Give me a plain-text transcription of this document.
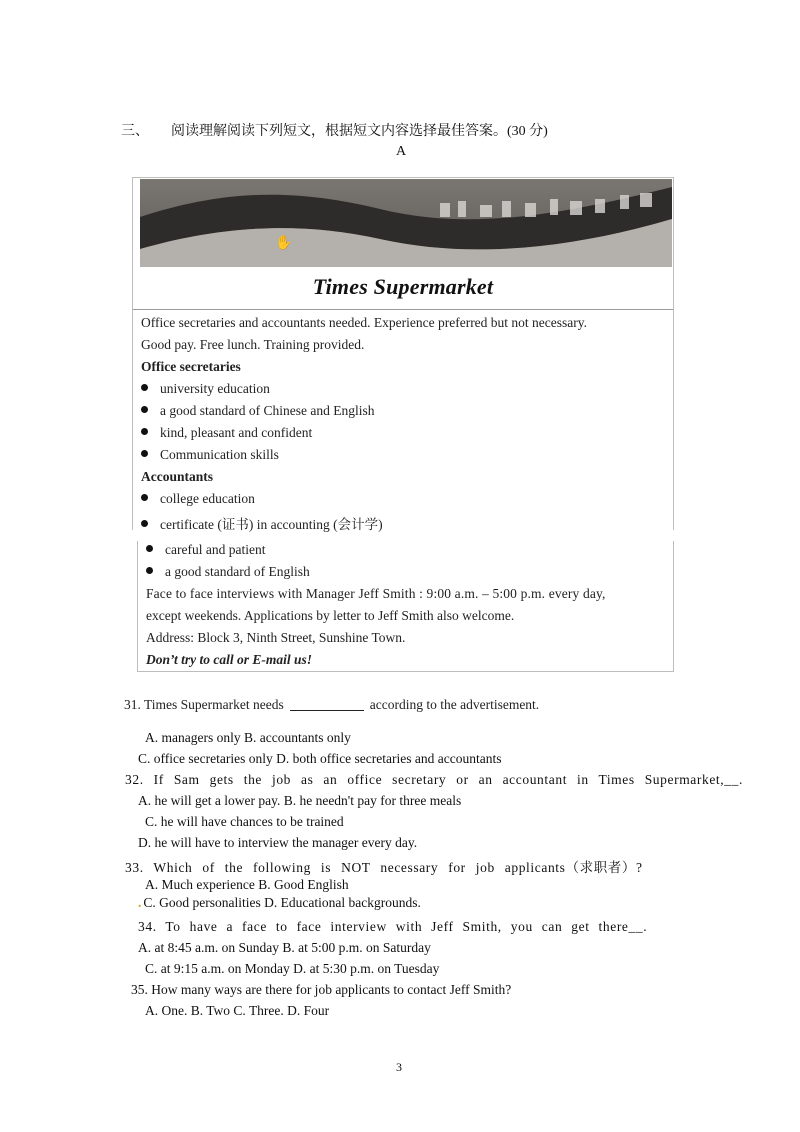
三、 阅读理解阅读下列短文，根据短文内容选择最佳答案。(30 分)
A
✋
Times Supermarket
Office secretaries and accountants needed. Experience preferred but not necessary.
Good pay. Free lunch. Training provided.
Office secretaries
university education
a good standard of Chinese and English
kind, pleasant and confident
Communication skills
Accountants
college education
certificate (证书) in accounting (会计学)
careful and patient
a good standard of English
Face to face interviews with Manager Jeff Smith : 9:00 a.m. – 5:00 p.m. every day,
except weekends. Applications by letter to Jeff Smith also welcome.
Address: Block 3, Ninth Street, Sunshine Town.
Don’t try to call or E-mail us!
31. Times Supermarket needs	according to the advertisement.
A. managers only B. accountants only
C. office secretaries only D. both office secretaries and accountants
32. If Sam gets the job as an office secretary or an accountant in Times Supermarket,__.
A. he will get a lower pay. B. he needn't pay for three meals
C. he will have chances to be trained
D. he will have to interview the manager every day.
33. Which of the following is NOT necessary for job applicants（求职者）?
A. Much experience B. Good English
. C. Good personalities D. Educational backgrounds.
34. To have a face to face interview with Jeff Smith, you can get there__.
A. at 8:45 a.m. on Sunday B. at 5:00 p.m. on Saturday
C. at 9:15 a.m. on Monday D. at 5:30 p.m. on Tuesday
35. How many ways are there for job applicants to contact Jeff Smith?
A. One. B. Two C. Three. D. Four
3
